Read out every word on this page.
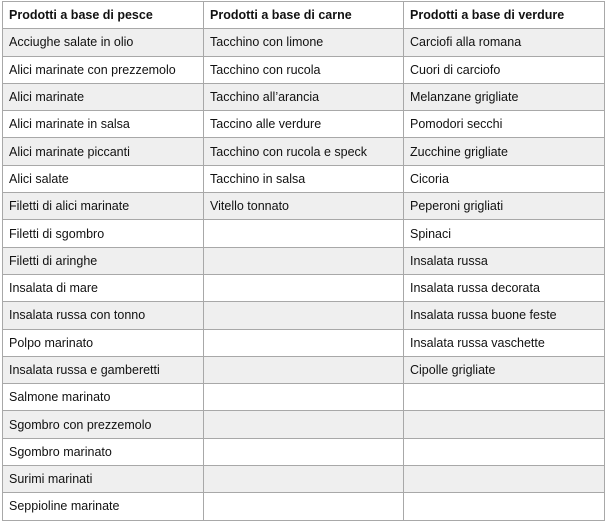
Prodotti a base di pesce	Prodotti a base di carne	Prodotti a base di verdure
Acciughe salate in olio	Tacchino con limone	Carciofi alla romana
Alici marinate con prezzemolo	Tacchino con rucola	Cuori di carciofo
Alici marinate	Tacchino all’arancia	Melanzane grigliate
Alici marinate in salsa	Taccino alle verdure	Pomodori secchi
Alici marinate piccanti	Tacchino con rucola e speck	Zucchine grigliate
Alici salate	Tacchino in salsa	Cicoria
Filetti di alici marinate	Vitello tonnato	Peperoni grigliati
Filetti di sgombro		Spinaci
Filetti di aringhe		Insalata russa
Insalata di mare		Insalata russa decorata
Insalata russa con tonno		Insalata russa buone feste
Polpo marinato		Insalata russa vaschette
Insalata russa e gamberetti		Cipolle grigliate
Salmone marinato		
Sgombro con prezzemolo		
Sgombro marinato		
Surimi marinati		
Seppioline marinate		
